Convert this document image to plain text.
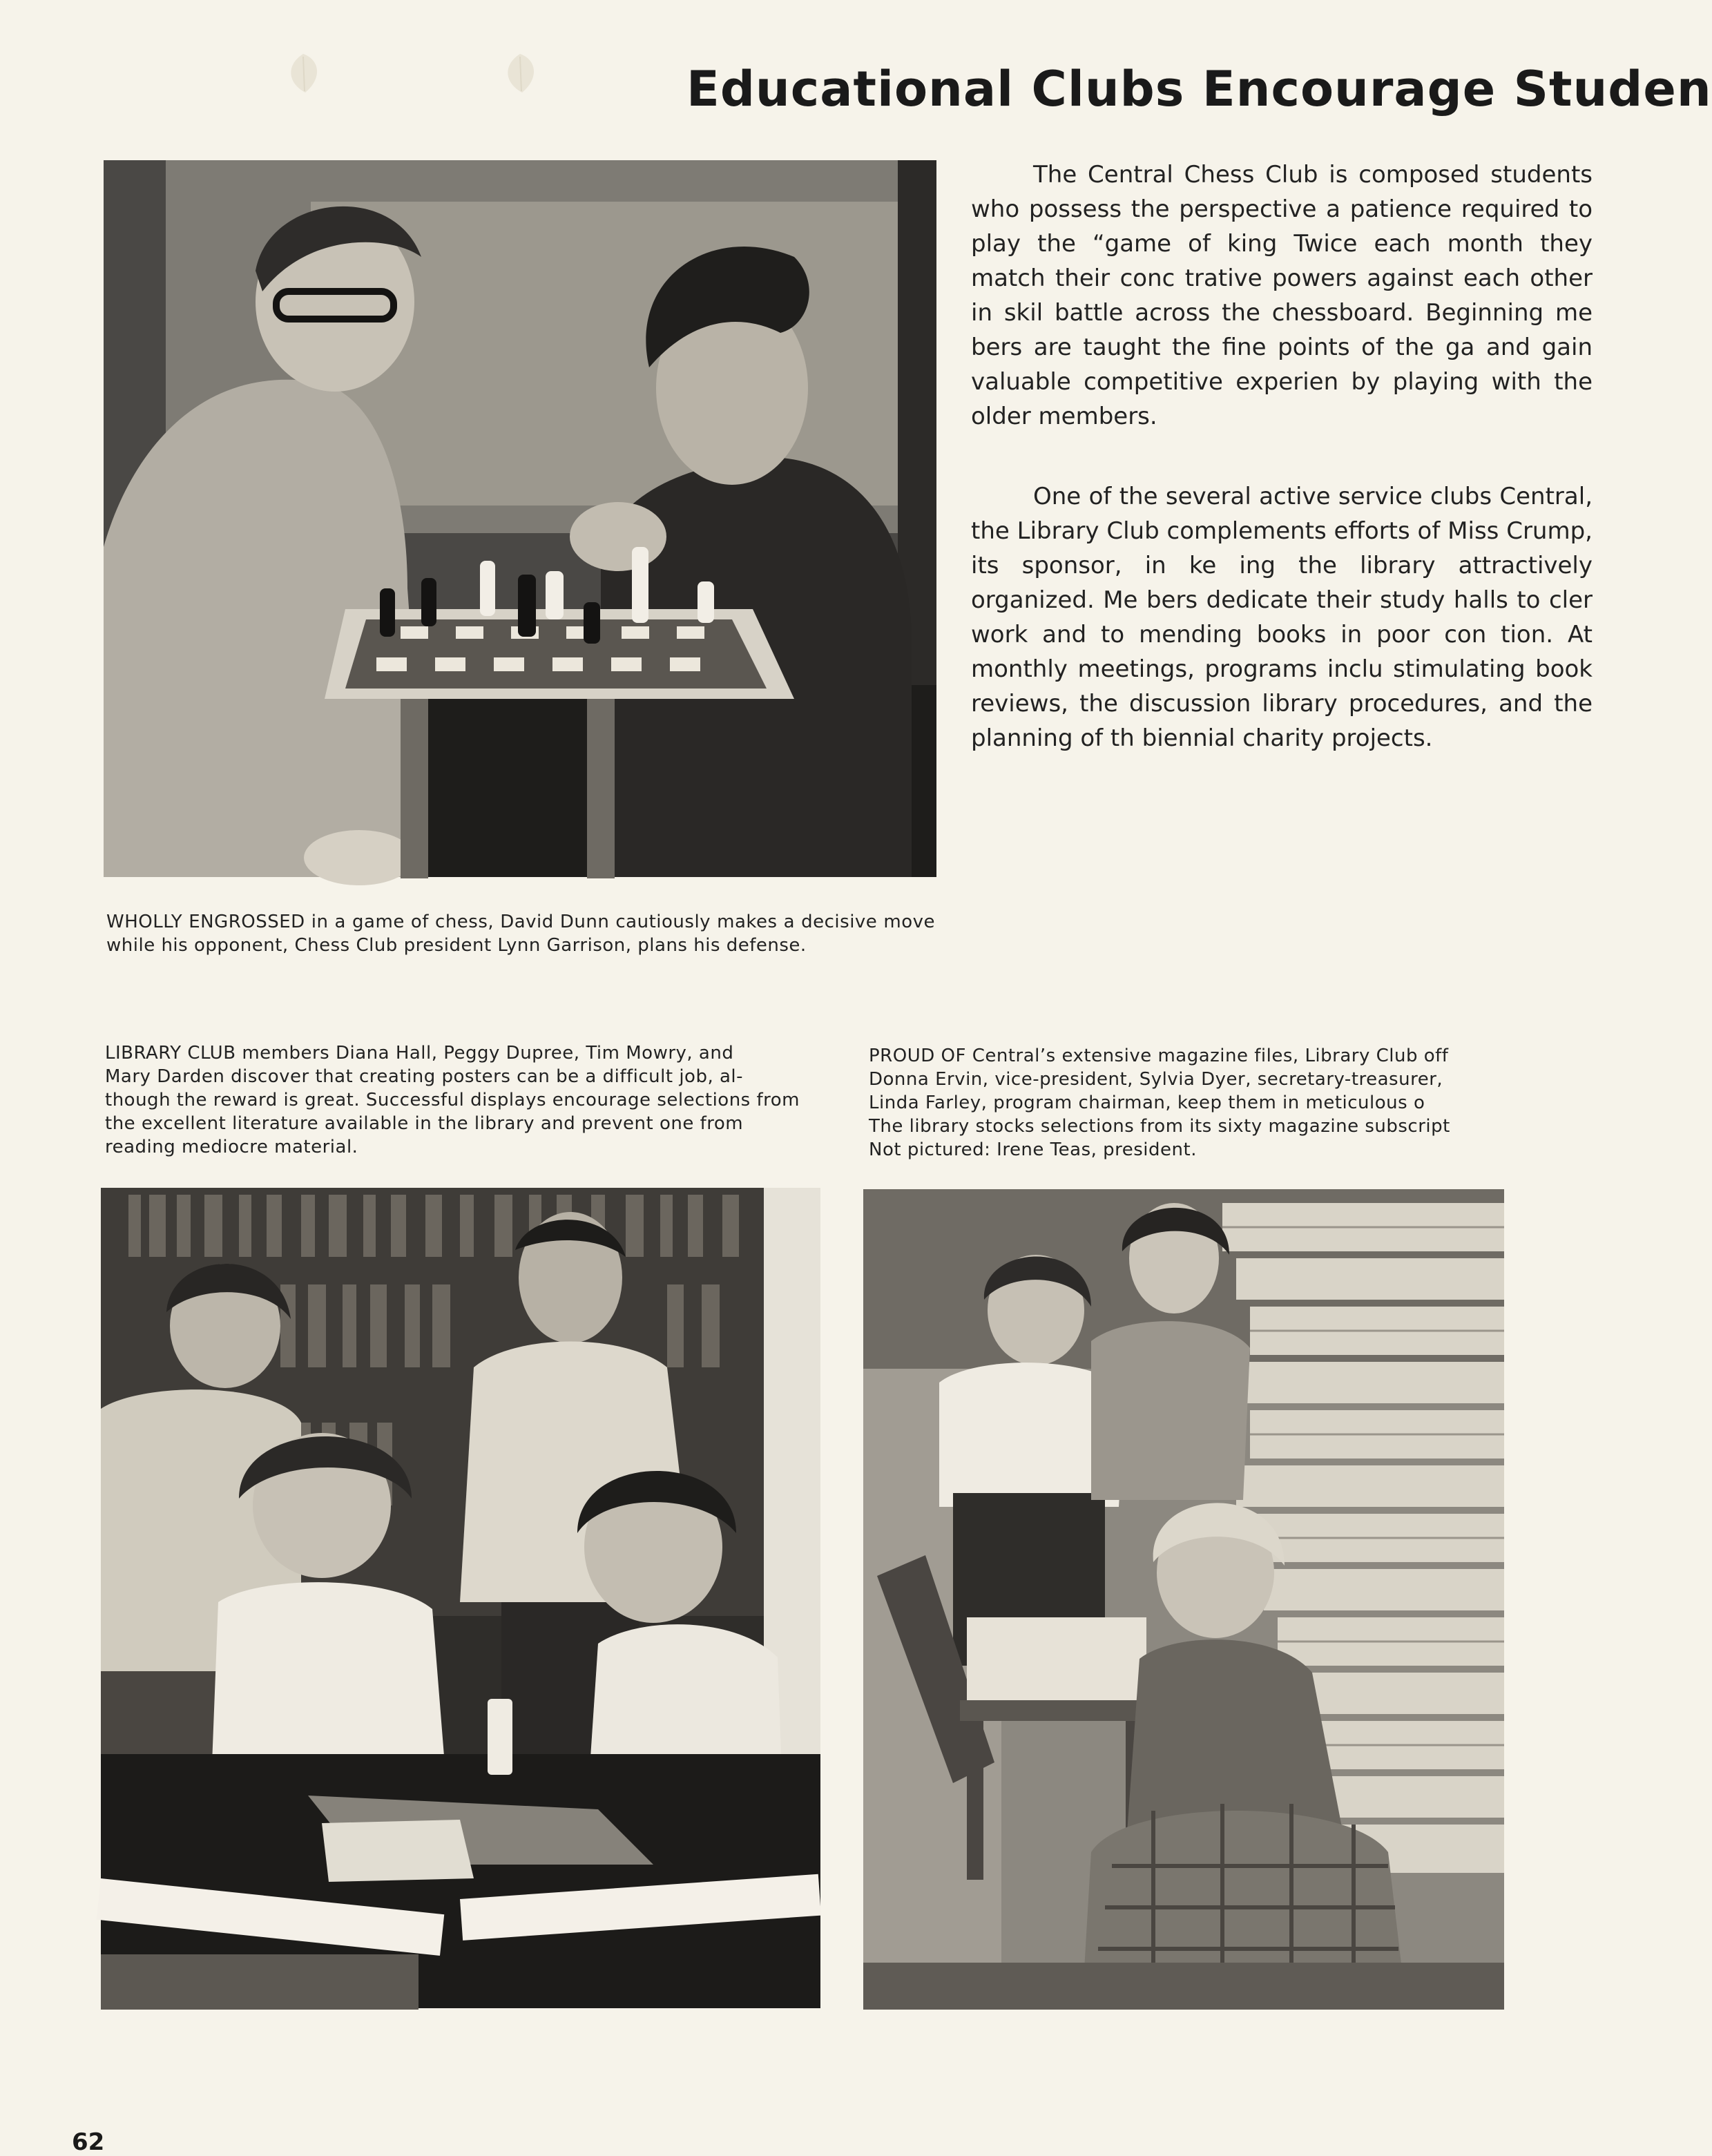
Educational Clubs Encourage Studen

The Central Chess Club is composed students who possess the perspective a patience required to play the “game of king Twice each month they match their conc trative powers against each other in skil battle across the chessboard. Beginning me bers are taught the fine points of the ga and gain valuable competitive experien by playing with the older members.

One of the several active service clubs Central, the Library Club complements efforts of Miss Crump, its sponsor, in ke ing the library attractively organized. Me bers dedicate their study halls to cler work and to mending books in poor con tion. At monthly meetings, programs inclu stimulating book reviews, the discussion library procedures, and the planning of th biennial charity projects.

WHOLLY ENGROSSED in a game of chess, David Dunn cautiously makes a decisive move while his opponent, Chess Club president Lynn Garrison, plans his defense.

LIBRARY CLUB members Diana Hall, Peggy Dupree, Tim Mowry, and
Mary Darden discover that creating posters can be a difficult job, al-
though the reward is great. Successful displays encourage selections from
the excellent literature available in the library and prevent one from
reading mediocre material.
PROUD OF Central’s extensive magazine files, Library Club off
Donna Ervin, vice-president, Sylvia Dyer, secretary-treasurer,
Linda Farley, program chairman, keep them in meticulous o
The library stocks selections from its sixty magazine subscript
Not pictured: Irene Teas, president.
62
